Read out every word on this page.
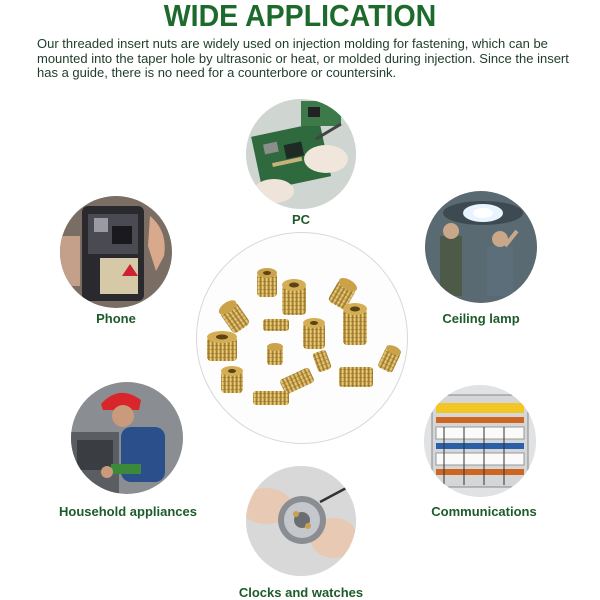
WIDE APPLICATION
Our threaded insert nuts are widely used on injection molding for fastening, which can be mounted into the taper hole by ultrasonic or heat, or molded during injection. Since the insert has a guide, there is no need for a counterbore or countersink.
PC
Phone	Ceiling lamp
Household appliances	Communications
Clocks and watches
